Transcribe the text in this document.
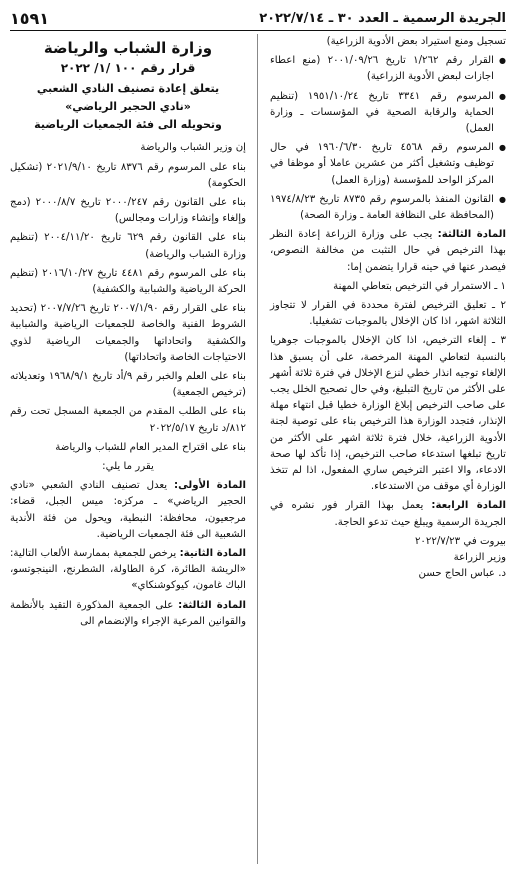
الجريدة الرسمية ـ العدد ٣٠ ـ ٢٠٢٢/٧/١٤
١٥٩١

تسجيل ومنع استيراد بعض الأدوية الزراعية)

● القرار رقم ١/٢٦٢ تاريخ ٢٠٠١/٠٩/٢٦ (منع اعطاء اجازات لبعض الأدوية الزراعية)

● المرسوم رقم ٣٣٤١ تاريخ ١٩٥١/١٠/٢٤ (تنظيم الحماية والرقابة الصحية في المؤسسات ـ وزارة العمل)

● المرسوم رقم ٤٥٦٨ تاريخ ١٩٦٠/٦/٣٠ في حال توظيف وتشغيل أكثر من عشرين عاملا أو موظفا في المركز الواحد للمؤسسة (وزارة العمل)

● القانون المنفذ بالمرسوم رقم ٨٧٣٥ تاريخ ١٩٧٤/٨/٢٣ (المحافظة على النظافة العامة ـ وزارة الصحة)

المادة الثالثة: يجب على وزارة الزراعة إعادة النظر بهذا الترخيص في حال التثبت من مخالفة النصوص، فيصدر عنها في حينه قرارا يتضمن إما:

١ ـ الاستمرار في الترخيص بتعاطي المهنة

٢ ـ تعليق الترخيص لفترة محددة في القرار لا تتجاوز الثلاثة اشهر، اذا كان الإخلال بالموجبات تشغيليا.

٣ ـ إلغاء الترخيص، اذا كان الإخلال بالموجبات جوهريا بالنسبة لتعاطي المهنة المرخصة، على أن يسبق هذا الإلغاء توجيه انذار خطي لنزع الإخلال في فترة ثلاثة أشهر على الأكثر من تاريخ التبليغ، وفي حال تصحيح الخلل يجب على صاحب الترخيص إبلاغ الوزارة خطيا قبل انتهاء مهلة الإنذار، فتجدد الوزارة هذا الترخيص بناء على توصية لجنة الأدوية الزراعية، خلال فترة ثلاثة اشهر على الأكثر من تاريخ تبلغها استدعاء صاحب الترخيص، إذا تأكد لها صحة الادعاء، والا اعتبر الترخيص ساري المفعول، اذا لم تتخذ الوزارة أي موقف من الاستدعاء.

المادة الرابعة: يعمل بهذا القرار فور نشره في الجريدة الرسمية ويبلغ حيث تدعو الحاجة.

بيروت في ٢٠٢٢/٧/٢٣

وزير الزراعة

د. عباس الحاج حسن

وزارة الشباب والرياضة
قرار رقم ١٠٠ /١/ ٢٠٢٢
يتعلق إعادة تصنيف النادي الشعبي
«نادي الحجير الرياضي»
وتحويله الى فئة الجمعيات الرياضية

إن وزير الشباب والرياضة

بناء على المرسوم رقم ٨٣٧٦ تاريخ ٢٠٢١/٩/١٠ (تشكيل الحكومة)

بناء على القانون رقم ٢٠٠٠/٢٤٧ تاريخ ٢٠٠٠/٨/٧ (دمج وإلغاء وإنشاء وزارات ومجالس)

بناء على القانون رقم ٦٢٩ تاريخ ٢٠٠٤/١١/٢٠ (تنظيم وزارة الشباب والرياضة)

بناء على المرسوم رقم ٤٤٨١ تاريخ ٢٠١٦/١٠/٢٧ (تنظيم الحركة الرياضية والشبابية والكشفية)

بناء على القرار رقم ٢٠٠٧/١/٩٠ تاريخ ٢٠٠٧/٧/٢٦ (تحديد الشروط الفنية والخاصة للجمعيات الرياضية والشبابية والكشفية واتحاداتها والجمعيات الرياضية لذوي الاحتياجات الخاصة واتحاداتها)

بناء على العلم والخبر رقم ٩/أد تاريخ ١٩٦٨/٩/١ وتعديلاته (ترخيص الجمعية)

بناء على الطلب المقدم من الجمعية المسجل تحت رقم ٨١٢/د تاريخ ٢٠٢٢/٥/١٧

بناء على اقتراح المدير العام للشباب والرياضة

يقرر ما يلي:

المادة الأولى: يعدل تصنيف النادي الشعبي «نادي الحجير الرياضي» ـ مركزه: ميس الجبل، قضاء: مرجعيون، محافظة: النبطية، ويحول من فئة الأندية الشعبية الى فئة الجمعيات الرياضية.

المادة الثانية: يرخص للجمعية بممارسة الألعاب التالية: «الريشة الطائرة، كرة الطاولة، الشطرنج، النينجوتسو، الباك غامون، كيوكوشنكاي»

المادة الثالثة: على الجمعية المذكورة التقيد بالأنظمة والقوانين المرعية الإجراء والإنضمام الى
